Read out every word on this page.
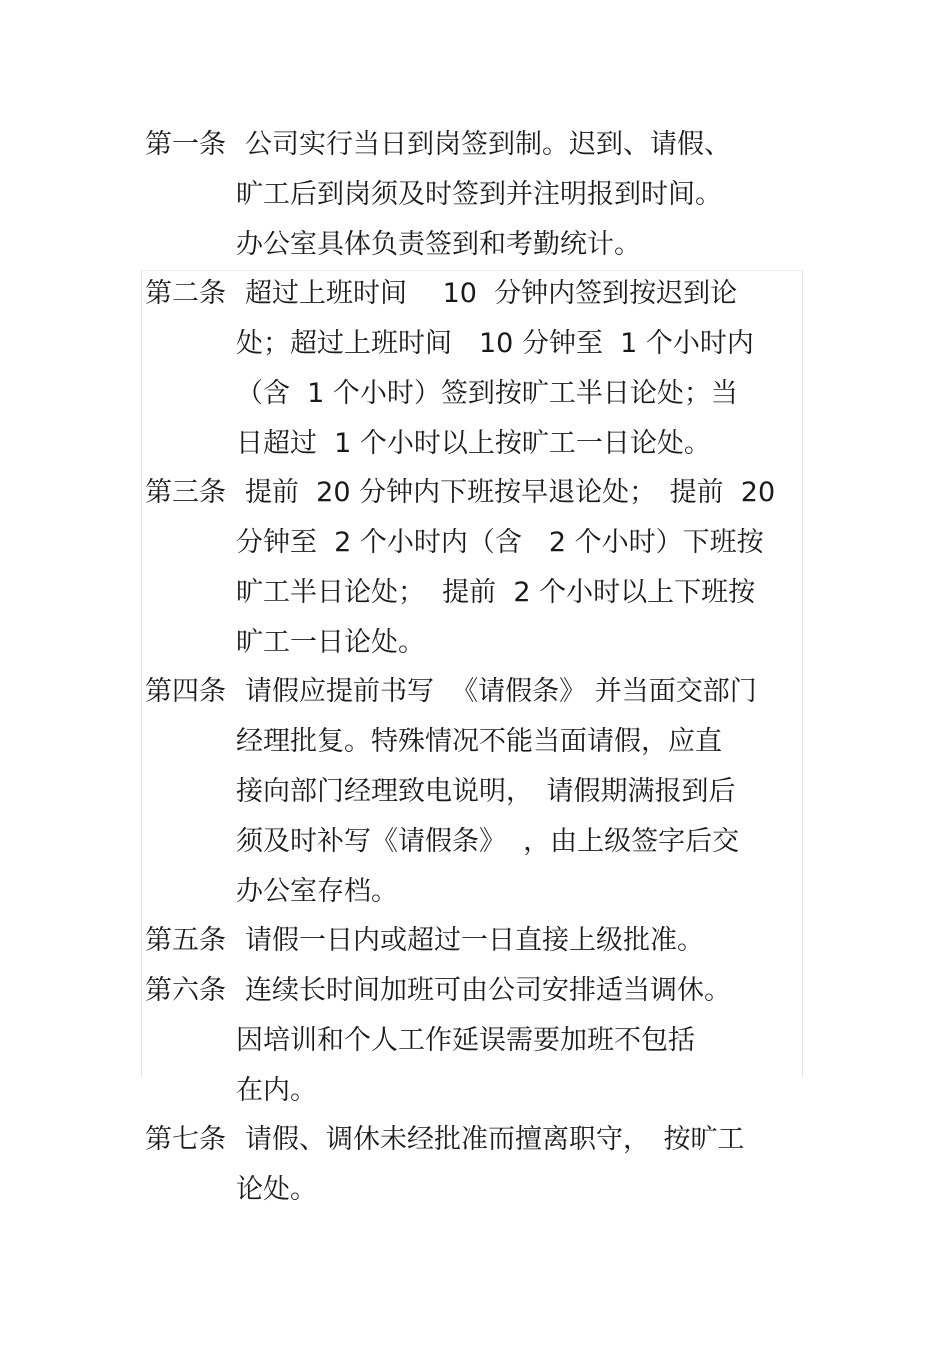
第一条 公司实行当日到岗签到制。迟到、请假、
旷工后到岗须及时签到并注明报到时间。
办公室具体负责签到和考勤统计。
第二条 超过上班时间　 10  分钟内签到按迟到论
处；超过上班时间　10 分钟至  1 个小时内
（含  1 个小时）签到按旷工半日论处；当
日超过  1 个小时以上按旷工一日论处。
第三条 提前  20 分钟内下班按早退论处；　提前  20
分钟至  2 个小时内（含　2 个小时）下班按
旷工半日论处；  提前  2 个小时以上下班按
旷工一日论处。
第四条 请假应提前书写  《请假条》 并当面交部门
经理批复。特殊情况不能当面请假，应直
接向部门经理致电说明，　请假期满报到后
须及时补写《请假条》  ，由上级签字后交
办公室存档。
第五条 请假一日内或超过一日直接上级批准。
第六条 连续长时间加班可由公司安排适当调休。
因培训和个人工作延误需要加班不包括
在内。
第七条 请假、调休未经批准而擅离职守，　按旷工
论处。
